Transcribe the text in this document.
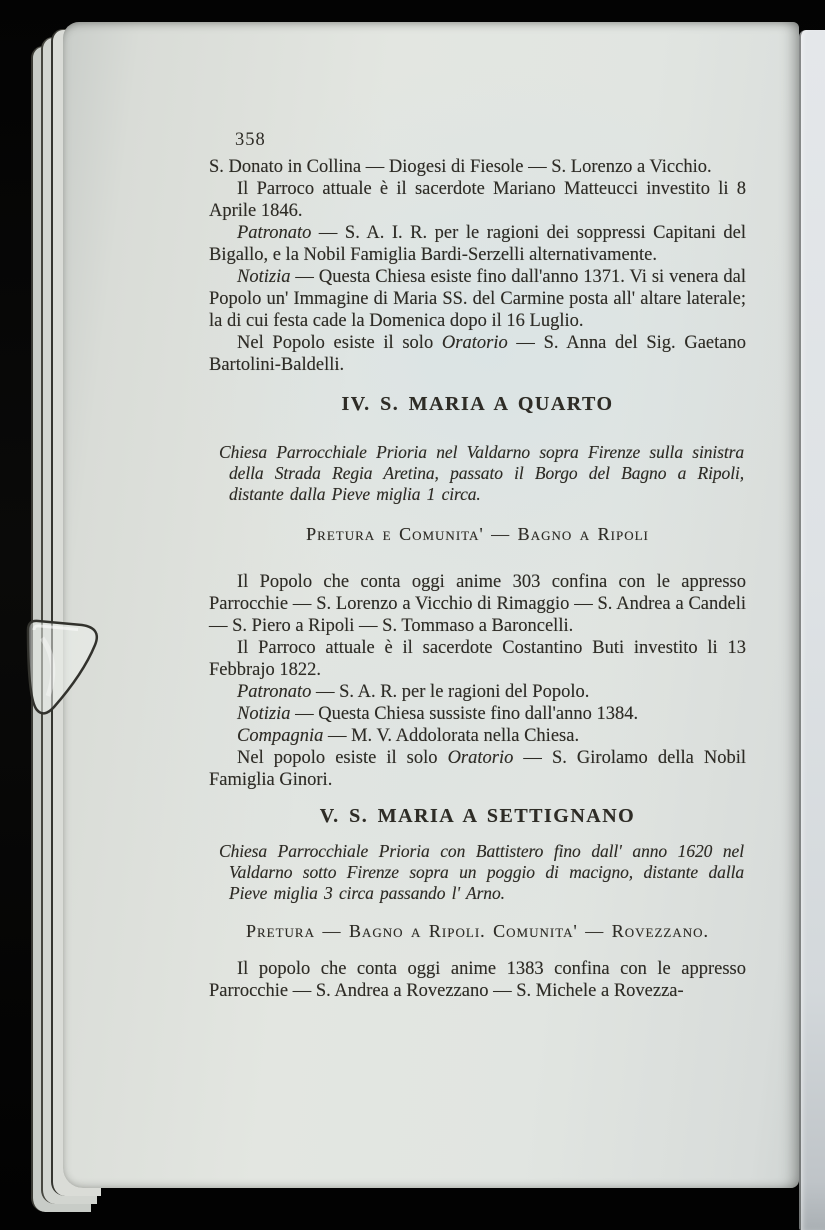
358

S. Donato in Collina — Diogesi di Fiesole — S. Lorenzo a Vicchio.

Il Parroco attuale è il sacerdote Mariano Matteucci investito li 8 Aprile 1846.

Patronato — S. A. I. R. per le ragioni dei soppressi Capitani del Bigallo, e la Nobil Famiglia Bardi-Serzelli alternativamente.

Notizia — Questa Chiesa esiste fino dall'anno 1371. Vi si venera dal Popolo un' Immagine di Maria SS. del Carmine posta all' altare laterale; la di cui festa cade la Domenica dopo il 16 Luglio.

Nel Popolo esiste il solo Oratorio — S. Anna del Sig. Gaetano Bartolini-Baldelli.

IV. S. MARIA A QUARTO
Chiesa Parrocchiale Prioria nel Valdarno sopra Firenze sulla sinistra della Strada Regia Aretina, passato il Borgo del Bagno a Ripoli, distante dalla Pieve miglia 1 circa.
Pretura e Comunita' — Bagno a Ripoli

Il Popolo che conta oggi anime 303 confina con le appresso Parrocchie — S. Lorenzo a Vicchio di Rimaggio — S. Andrea a Candeli — S. Piero a Ripoli — S. Tommaso a Baroncelli.

Il Parroco attuale è il sacerdote Costantino Buti investito li 13 Febbrajo 1822.

Patronato — S. A. R. per le ragioni del Popolo.

Notizia — Questa Chiesa sussiste fino dall'anno 1384.

Compagnia — M. V. Addolorata nella Chiesa.

Nel popolo esiste il solo Oratorio — S. Girolamo della Nobil Famiglia Ginori.

V. S. MARIA A SETTIGNANO
Chiesa Parrocchiale Prioria con Battistero fino dall' anno 1620 nel Valdarno sotto Firenze sopra un poggio di macigno, distante dalla Pieve miglia 3 circa passando l' Arno.
Pretura — Bagno a Ripoli. Comunita' — Rovezzano.

Il popolo che conta oggi anime 1383 confina con le appresso Parrocchie — S. Andrea a Rovezzano — S. Michele a Rovezza-
